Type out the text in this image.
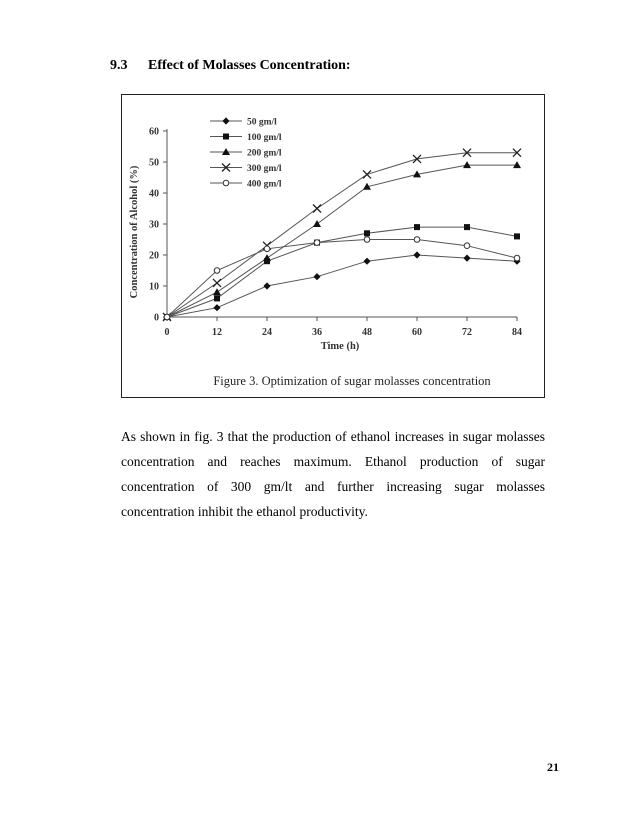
9.3 Effect of Molasses Concentration:
0	12	24	36	48	60	72	84
0
10
20
30
40
50
60
Time (h)
Concentration of Alcohol (%)
50 gm/l
100 gm/l
200 gm/l
300 gm/l
400 gm/l
Figure 3. Optimization of sugar molasses concentration
As shown in fig. 3 that the production of ethanol increases in sugar molasses concentration and reaches maximum. Ethanol production of sugar concentration of 300 gm/lt and further increasing sugar molasses concentration inhibit the ethanol productivity.
21
